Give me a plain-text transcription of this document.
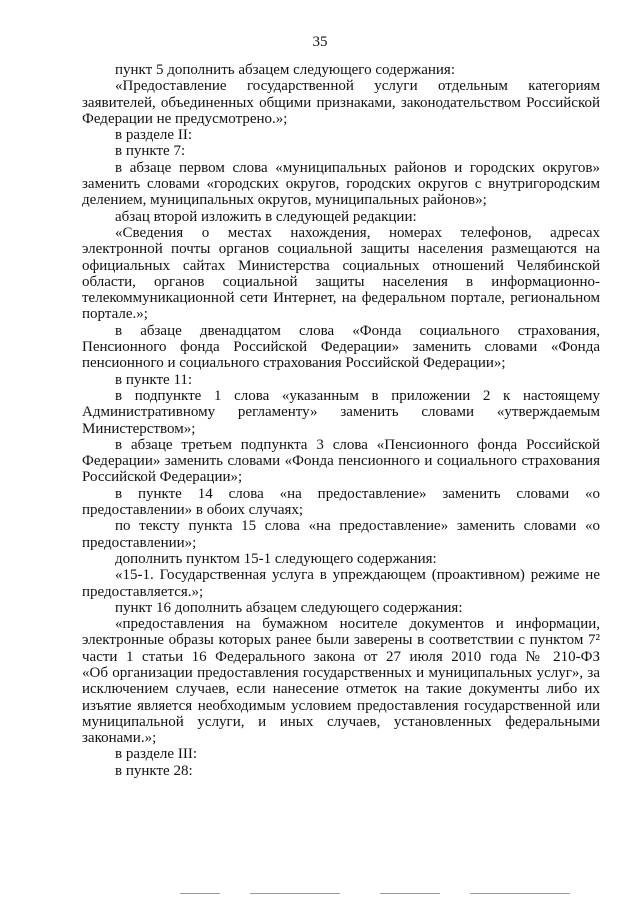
35
пункт 5 дополнить абзацем следующего содержания:
«Предоставление государственной услуги отдельным категориям
заявителей, объединенных общими признаками, законодательством Российской
Федерации не предусмотрено.»;
в разделе II:
в пункте 7:
в абзаце первом слова «муниципальных районов и городских округов»
заменить словами «городских округов, городских округов с внутригородским
делением, муниципальных округов, муниципальных районов»;
абзац второй изложить в следующей редакции:
«Сведения о местах нахождения, номерах телефонов, адресах
электронной почты органов социальной защиты населения размещаются на
официальных сайтах Министерства социальных отношений Челябинской
области, органов социальной защиты населения в информационно-
телекоммуникационной сети Интернет, на федеральном портале, региональном
портале.»;
в абзаце двенадцатом слова «Фонда социального страхования,
Пенсионного фонда Российской Федерации» заменить словами «Фонда
пенсионного и социального страхования Российской Федерации»;
в пункте 11:
в подпункте 1 слова «указанным в приложении 2 к настоящему
Административному регламенту» заменить словами «утверждаемым
Министерством»;
в абзаце третьем подпункта 3 слова «Пенсионного фонда Российской
Федерации» заменить словами «Фонда пенсионного и социального страхования
Российской Федерации»;
в пункте 14 слова «на предоставление» заменить словами «о
предоставлении» в обоих случаях;
по тексту пункта 15 слова «на предоставление» заменить словами «о
предоставлении»;
дополнить пунктом 15-1 следующего содержания:
«15-1. Государственная услуга в упреждающем (проактивном) режиме не
предоставляется.»;
пункт 16 дополнить абзацем следующего содержания:
«предоставления на бумажном носителе документов и информации,
электронные образы которых ранее были заверены в соответствии с пунктом 7²
части 1 статьи 16 Федерального закона от 27 июля 2010 года № 210-ФЗ
«Об организации предоставления государственных и муниципальных услуг», за
исключением случаев, если нанесение отметок на такие документы либо их
изъятие является необходимым условием предоставления государственной или
муниципальной услуги, и иных случаев, установленных федеральными
законами.»;
в разделе III:
в пункте 28:
